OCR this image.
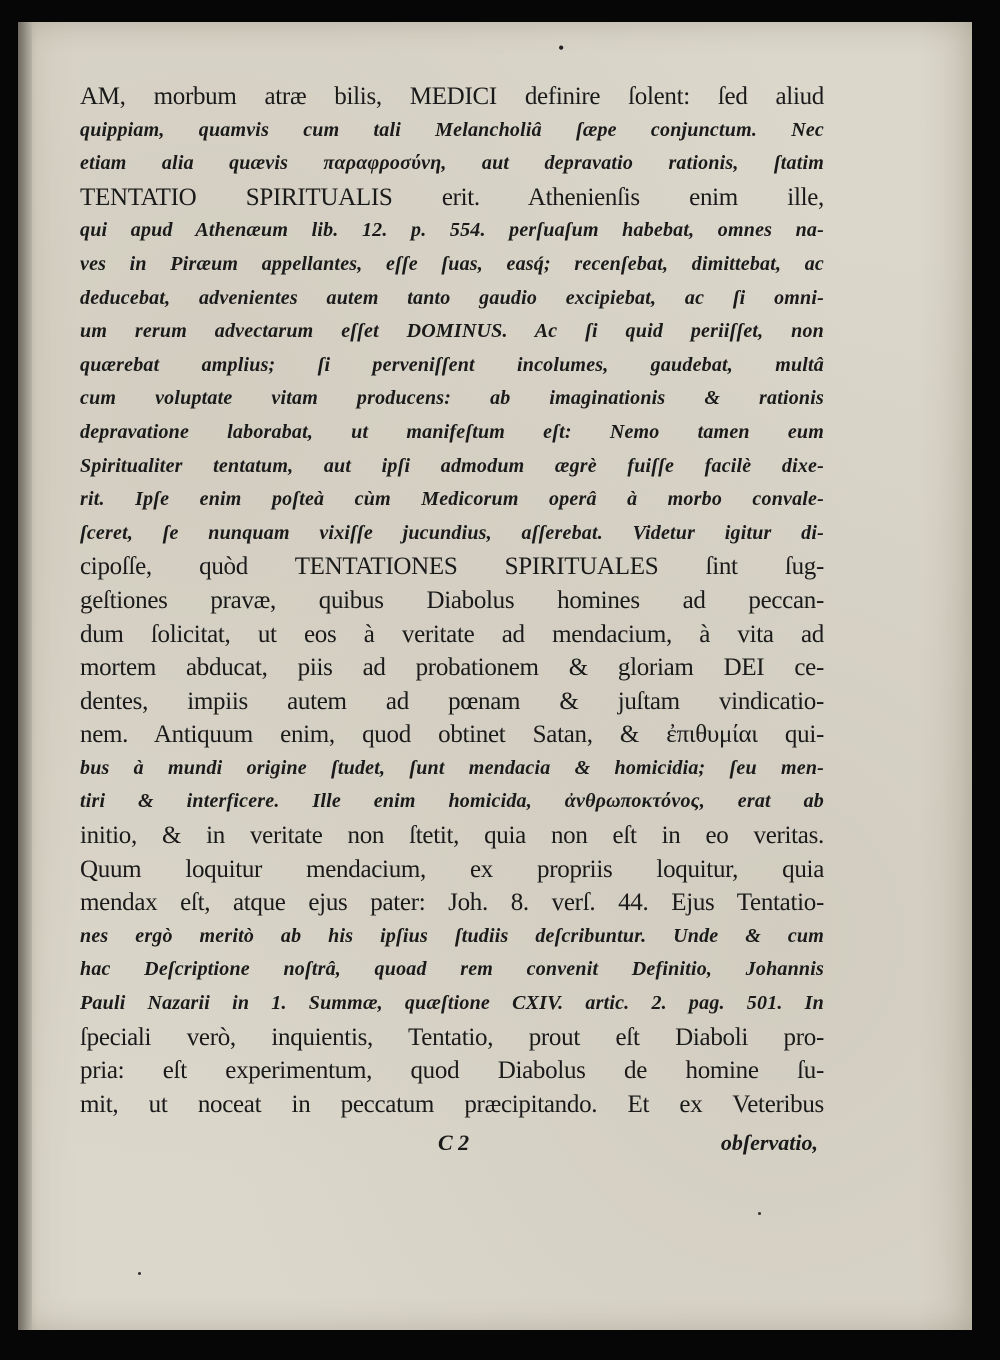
•
AM, morbum atræ bilis, MEDICI definire ſolent: ſed aliud
quippiam, quamvis cum tali Melancholiâ ſæpe conjunctum. Nec
etiam alia quævis παραφροσύνη, aut depravatio rationis, ſtatim
TENTATIO SPIRITUALIS erit. Athenienſis enim ille,
qui apud Athenæum lib. 12. p. 554. perſuaſum habebat, omnes na-
ves in Piræum appellantes, eſſe ſuas, easq́; recenſebat, dimittebat, ac
deducebat, advenientes autem tanto gaudio excipiebat, ac ſi omni-
um rerum advectarum eſſet DOMINUS. Ac ſi quid periiſſet, non
quærebat amplius; ſi perveniſſent incolumes, gaudebat, multâ
cum voluptate vitam producens: ab imaginationis & rationis
depravatione laborabat, ut manifeſtum eſt: Nemo tamen eum
Spiritualiter tentatum, aut ipſi admodum ægrè fuiſſe facilè dixe-
rit. Ipſe enim poſteà cùm Medicorum operâ à morbo convale-
ſceret, ſe nunquam vixiſſe jucundius, aſſerebat. Videtur igitur di-
cipoſſe, quòd TENTATIONES SPIRITUALES ſint ſug-
geſtiones pravæ, quibus Diabolus homines ad peccan-
dum ſolicitat, ut eos à veritate ad mendacium, à vita ad
mortem abducat, piis ad probationem & gloriam DEI ce-
dentes, impiis autem ad pœnam & juſtam vindicatio-
nem. Antiquum enim, quod obtinet Satan, & ἐπιθυμίαι qui-
bus à mundi origine ſtudet, ſunt mendacia & homicidia; ſeu men-
tiri & interficere. Ille enim homicida, ἀνθρωποκτόνος, erat ab
initio, & in veritate non ſtetit, quia non eſt in eo veritas.
Quum loquitur mendacium, ex propriis loquitur, quia
mendax eſt, atque ejus pater: Joh. 8. verſ. 44. Ejus Tentatio-
nes ergò meritò ab his ipſius ſtudiis deſcribuntur. Unde & cum
hac Deſcriptione noſtrâ, quoad rem convenit Definitio, Johannis
Pauli Nazarii in 1. Summæ, quæſtione CXIV. artic. 2. pag. 501. In
ſpeciali verò, inquientis, Tentatio, prout eſt Diaboli pro-
pria: eſt experimentum, quod Diabolus de homine ſu-
mit, ut noceat in peccatum præcipitando. Et ex Veteribus
C 2	obſervatio,
